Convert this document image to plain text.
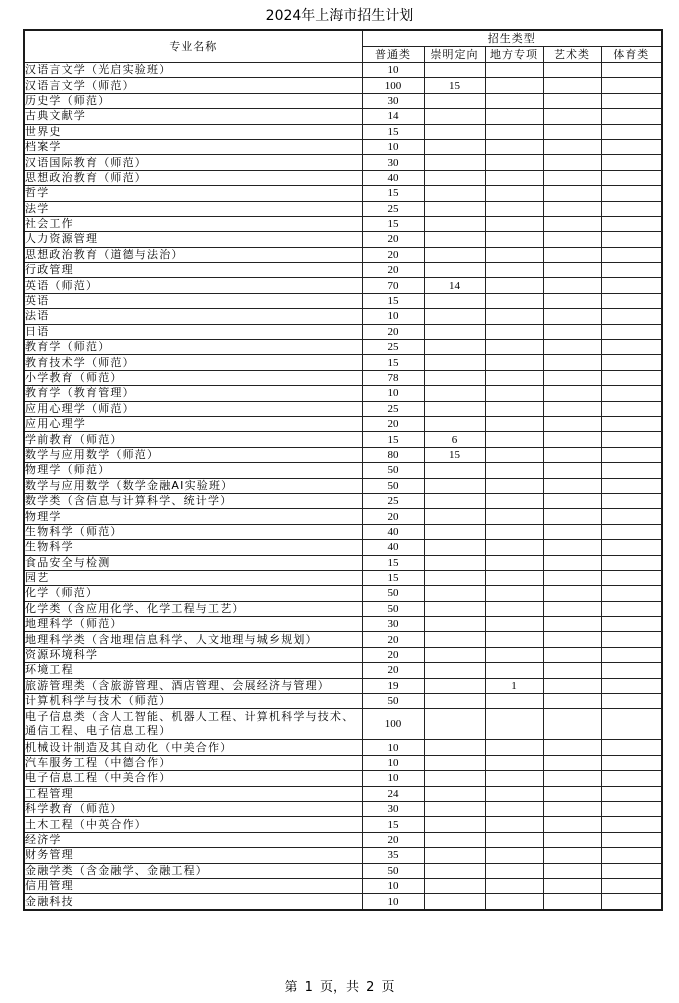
2024年上海市招生计划
专业名称	招生类型				
	普通类	崇明定向	地方专项	艺术类	体育类
汉语言文学（光启实验班）	10				
汉语言文学（师范）	100	15			
历史学（师范）	30				
古典文献学	14				
世界史	15				
档案学	10				
汉语国际教育（师范）	30				
思想政治教育（师范）	40				
哲学	15				
法学	25				
社会工作	15				
人力资源管理	20				
思想政治教育（道德与法治）	20				
行政管理	20				
英语（师范）	70	14			
英语	15				
法语	10				
日语	20				
教育学（师范）	25				
教育技术学（师范）	15				
小学教育（师范）	78				
教育学（教育管理）	10				
应用心理学（师范）	25				
应用心理学	20				
学前教育（师范）	15	6			
数学与应用数学（师范）	80	15			
物理学（师范）	50				
数学与应用数学（数学金融AI实验班）	50				
数学类（含信息与计算科学、统计学）	25				
物理学	20				
生物科学（师范）	40				
生物科学	40				
食品安全与检测	15				
园艺	15				
化学（师范）	50				
化学类（含应用化学、化学工程与工艺）	50				
地理科学（师范）	30				
地理科学类（含地理信息科学、人文地理与城乡规划）	20				
资源环境科学	20				
环境工程	20				
旅游管理类（含旅游管理、酒店管理、会展经济与管理）	19		1		
计算机科学与技术（师范）	50				
电子信息类（含人工智能、机器人工程、计算机科学与技术、通信工程、电子信息工程）	100				
机械设计制造及其自动化（中美合作）	10				
汽车服务工程（中德合作）	10				
电子信息工程（中美合作）	10				
工程管理	24				
科学教育（师范）	30				
土木工程（中英合作）	15				
经济学	20				
财务管理	35				
金融学类（含金融学、金融工程）	50				
信用管理	10				
金融科技	10				
第 1 页，共 2 页
